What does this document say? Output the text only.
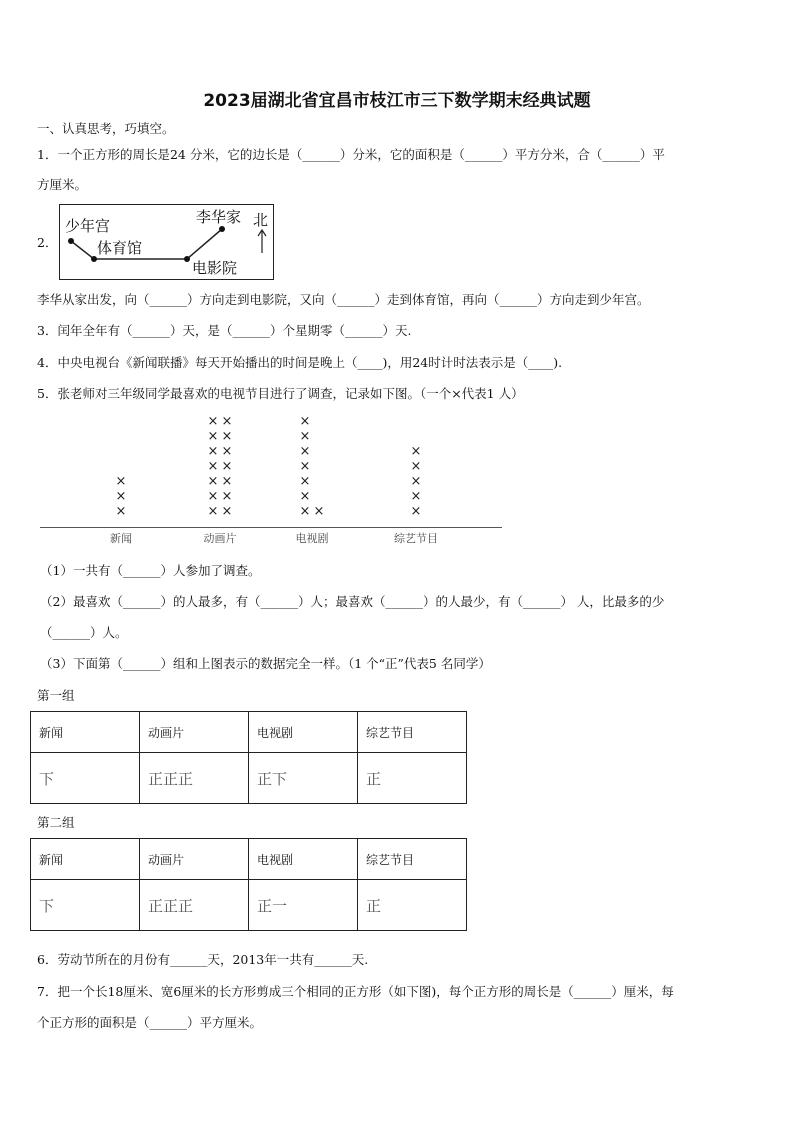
2023届湖北省宜昌市枝江市三下数学期末经典试题
一、认真思考，巧填空。
1．一个正方形的周长是24 分米，它的边长是（______）分米，它的面积是（______）平方分米，合（______）平
方厘米。
2．
少年宫
体育馆
李华家
电影院
北
李华从家出发，向（______）方向走到电影院，又向（______）走到体育馆，再向（______）方向走到少年宫。
3．闰年全年有（______）天，是（______）个星期零（______）天.
4．中央电视台《新闻联播》每天开始播出的时间是晚上（____)，用24时计时法表示是（____).
5．张老师对三年级同学最喜欢的电视节目进行了调查，记录如下图。（一个×代表1 人）
×
×
×
新闻
×
×
×
×
×
×
×
×
×
×
×
×
×
×
动画片
×
×
×
×
×
×
×
×
电视剧
×
×
×
×
×
综艺节目
（1）一共有（______）人参加了调查。
（2）最喜欢（______）的人最多，有（______）人；最喜欢（______）的人最少，有（______） 人，比最多的少
（______）人。
（3）下面第（______）组和上图表示的数据完全一样。（1 个“正”代表5 名同学）
第一组
新闻	动画片	电视剧	综艺节目
下	正正正	正下	正
第二组
新闻	动画片	电视剧	综艺节目
下	正正正	正一	正
6．劳动节所在的月份有______天，2013年一共有______天.
7．把一个长18厘米、宽6厘米的长方形剪成三个相同的正方形（如下图)，每个正方形的周长是（______）厘米，每
个正方形的面积是（______）平方厘米。
